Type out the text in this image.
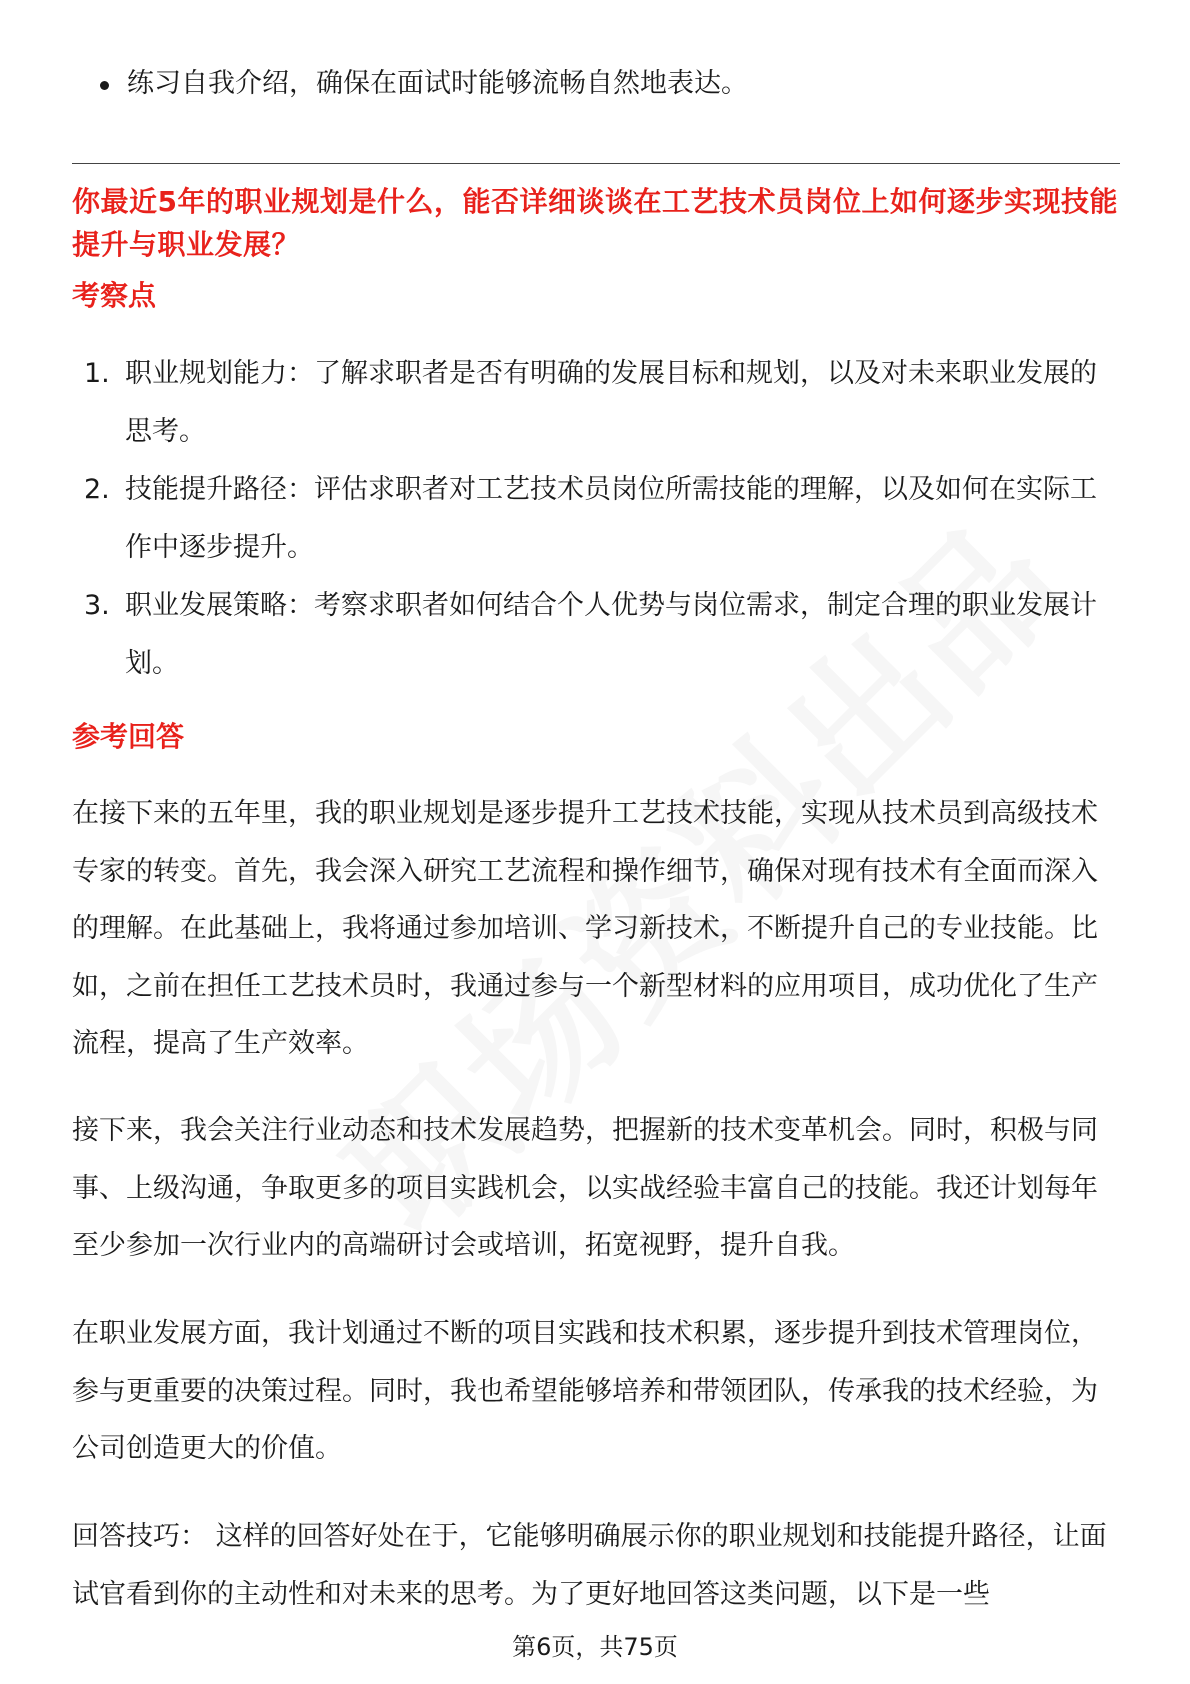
练习自我介绍，确保在面试时能够流畅自然地表达。
你最近5年的职业规划是什么，能否详细谈谈在工艺技术员岗位上如何逐步实现技能提升与职业发展？
考察点
1. 职业规划能力：了解求职者是否有明确的发展目标和规划，以及对未来职业发展的思考。
2. 技能提升路径：评估求职者对工艺技术员岗位所需技能的理解，以及如何在实际工作中逐步提升。
3. 职业发展策略：考察求职者如何结合个人优势与岗位需求，制定合理的职业发展计划。
参考回答

在接下来的五年里，我的职业规划是逐步提升工艺技术技能，实现从技术员到高级技术专家的转变。首先，我会深入研究工艺流程和操作细节，确保对现有技术有全面而深入的理解。在此基础上，我将通过参加培训、学习新技术，不断提升自己的专业技能。比如，之前在担任工艺技术员时，我通过参与一个新型材料的应用项目，成功优化了生产流程，提高了生产效率。

接下来，我会关注行业动态和技术发展趋势，把握新的技术变革机会。同时，积极与同事、上级沟通，争取更多的项目实践机会，以实战经验丰富自己的技能。我还计划每年至少参加一次行业内的高端研讨会或培训，拓宽视野，提升自我。

在职业发展方面，我计划通过不断的项目实践和技术积累，逐步提升到技术管理岗位，参与更重要的决策过程。同时，我也希望能够培养和带领团队，传承我的技术经验，为公司创造更大的价值。

回答技巧： 这样的回答好处在于，它能够明确展示你的职业规划和技能提升路径，让面试官看到你的主动性和对未来的思考。为了更好地回答这类问题，以下是一些

第6页，共75页
